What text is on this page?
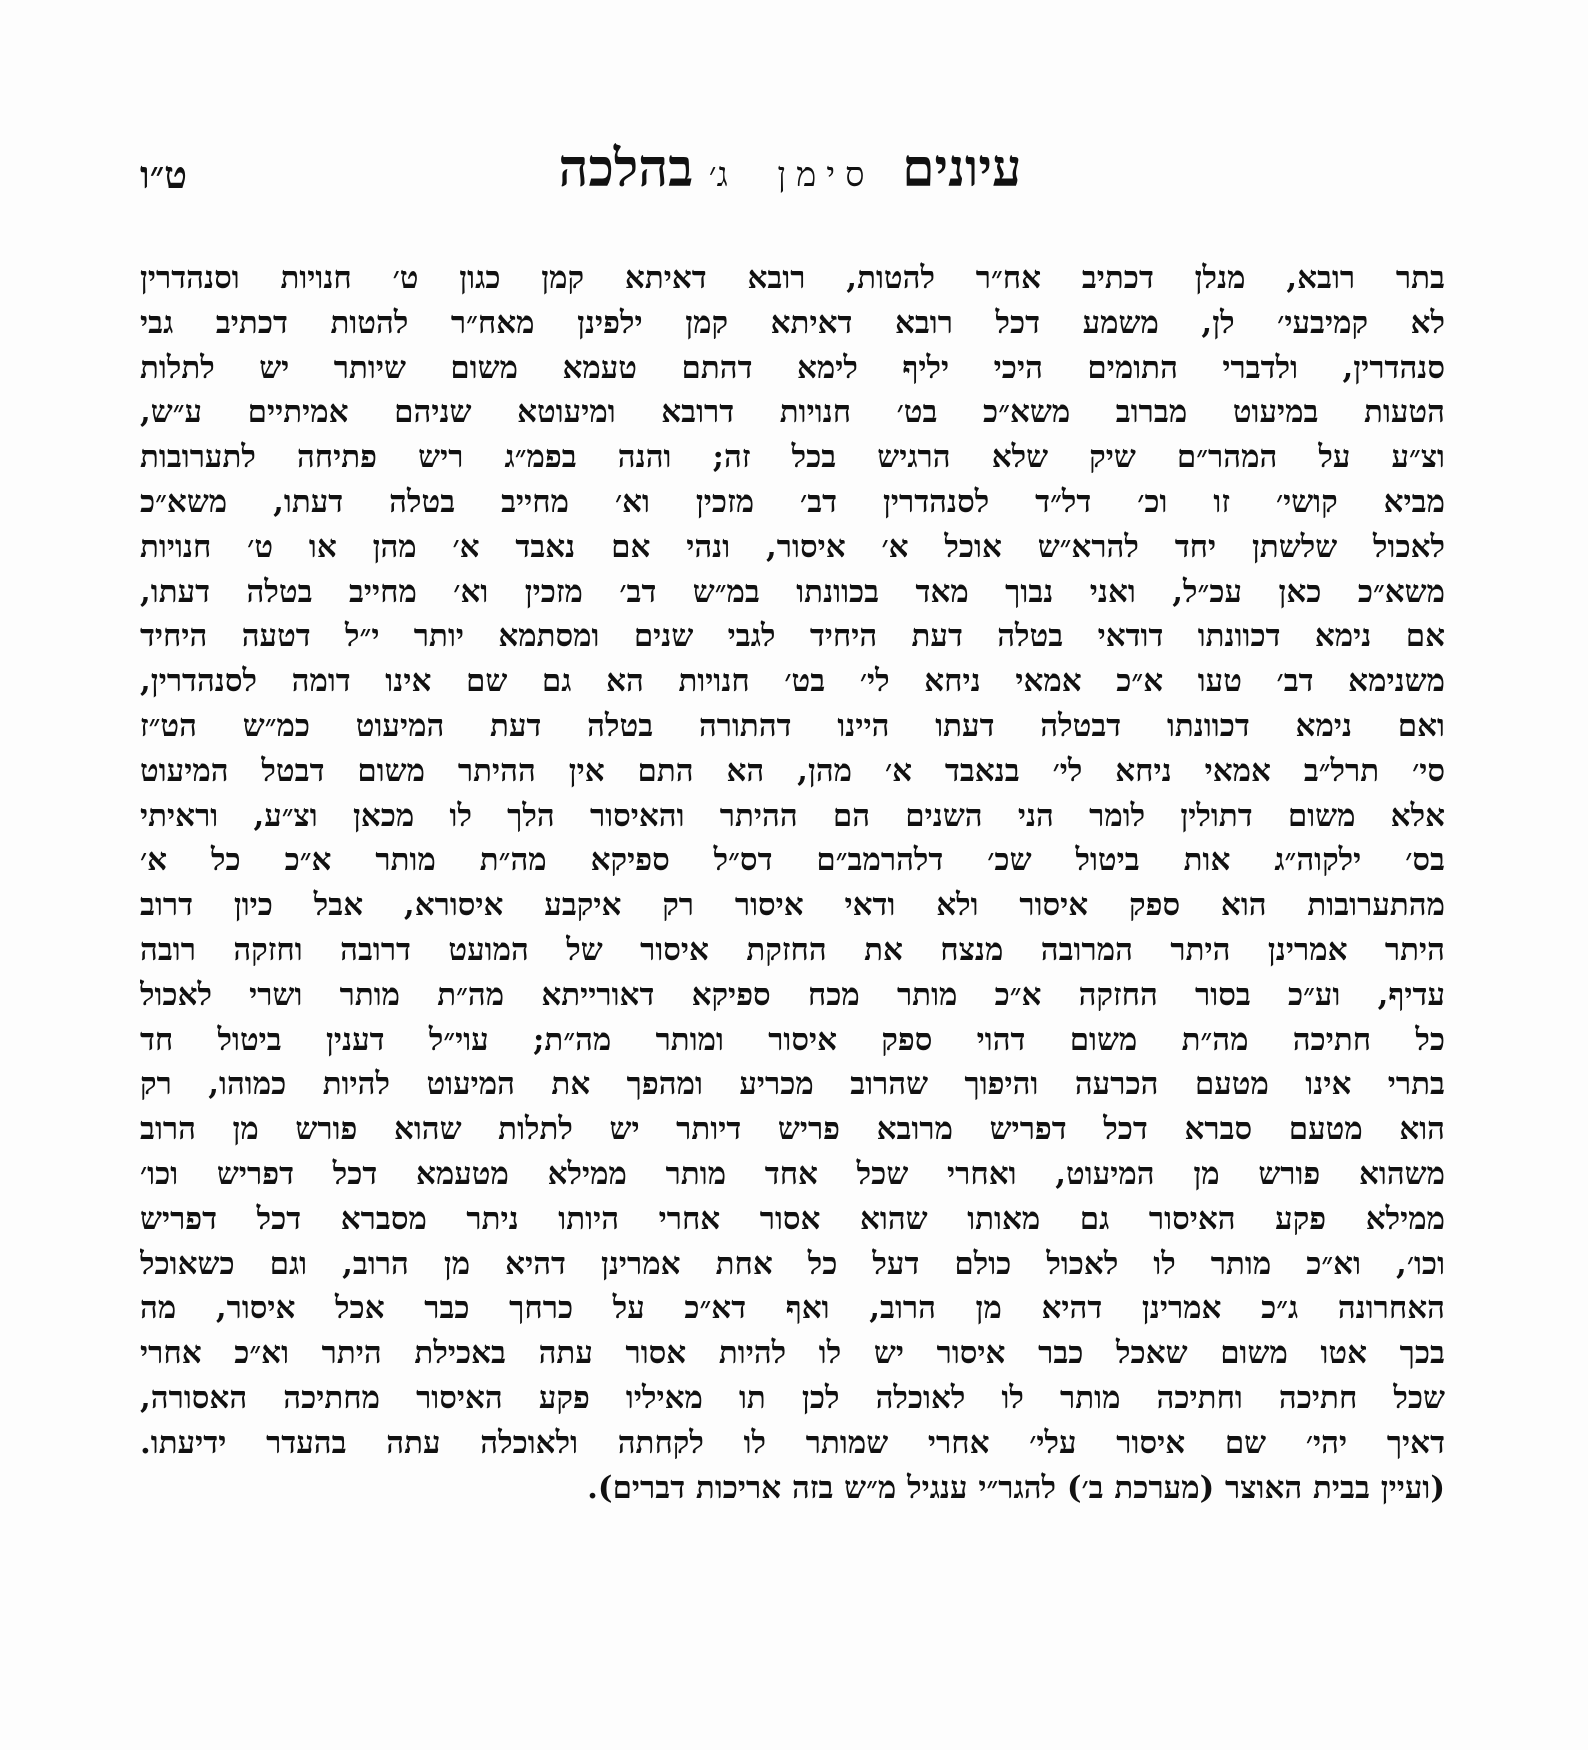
עיונים סימן ג׳ בהלכה
ט״ו
בתר רובא, מנלן דכתיב אח״ר להטות, רובא דאיתא קמן כגון ט׳ חנויות וסנהדרין
לא קמיבעי׳ לן, משמע דכל רובא דאיתא קמן ילפינן מאח״ר להטות דכתיב גבי
סנהדרין, ולדברי התומים היכי יליף לימא דהתם טעמא משום שיותר יש לתלות
הטעות במיעוט מברוב משא״כ בט׳ חנויות דרובא ומיעוטא שניהם אמיתיים ע״ש,
וצ״ע על המהר״ם שיק שלא הרגיש בכל זה; והנה בפמ״ג ריש פתיחה לתערובות
מביא קושי׳ זו וכ׳ דל״ד לסנהדרין דב׳ מזכין וא׳ מחייב בטלה דעתו, משא״כ
לאכול שלשתן יחד להרא״ש אוכל א׳ איסור, ונהי אם נאבד א׳ מהן או ט׳ חנויות
משא״כ כאן עכ״ל, ואני נבוך מאד בכוונתו במ״ש דב׳ מזכין וא׳ מחייב בטלה דעתו,
אם נימא דכוונתו דודאי בטלה דעת היחיד לגבי שנים ומסתמא יותר י״ל דטעה היחיד
משנימא דב׳ טעו א״כ אמאי ניחא לי׳ בט׳ חנויות הא גם שם אינו דומה לסנהדרין,
ואם נימא דכוונתו דבטלה דעתו היינו דהתורה בטלה דעת המיעוט כמ״ש הט״ז
סי׳ תרל״ב אמאי ניחא לי׳ בנאבד א׳ מהן, הא התם אין ההיתר משום דבטל המיעוט
אלא משום דתולין לומר הני השנים הם ההיתר והאיסור הלך לו מכאן וצ״ע, וראיתי
בס׳ ילקוה״ג אות ביטול שכ׳ דלהרמב״ם דס״ל ספיקא מה״ת מותר א״כ כל א׳
מהתערובות הוא ספק איסור ולא ודאי איסור רק איקבע איסורא, אבל כיון דרוב
היתר אמרינן היתר המרובה מנצח את החזקת איסור של המועט דרובה וחזקה רובה
עדיף, וע״כ בסור החזקה א״כ מותר מכח ספיקא דאורייתא מה״ת מותר ושרי לאכול
כל חתיכה מה״ת משום דהוי ספק איסור ומותר מה״ת; עוי״ל דענין ביטול חד
בתרי אינו מטעם הכרעה והיפוך שהרוב מכריע ומהפך את המיעוט להיות כמוהו, רק
הוא מטעם סברא דכל דפריש מרובא פריש דיותר יש לתלות שהוא פורש מן הרוב
משהוא פורש מן המיעוט, ואחרי שכל אחד מותר ממילא מטעמא דכל דפריש וכו׳
ממילא פקע האיסור גם מאותו שהוא אסור אחרי היותו ניתר מסברא דכל דפריש
וכו׳, וא״כ מותר לו לאכול כולם דעל כל אחת אמרינן דהיא מן הרוב, וגם כשאוכל
האחרונה ג״כ אמרינן דהיא מן הרוב, ואף דא״כ על כרחך כבר אכל איסור, מה
בכך אטו משום שאכל כבר איסור יש לו להיות אסור עתה באכילת היתר וא״כ אחרי
שכל חתיכה וחתיכה מותר לו לאוכלה לכן תו מאיליו פקע האיסור מחתיכה האסורה,
דאיך יהי׳ שם איסור עלי׳ אחרי שמותר לו לקחתה ולאוכלה עתה בהעדר ידיעתו.
(ועיין בבית האוצר (מערכת ב׳) להגר״י ענגיל מ״ש בזה אריכות דברים).
